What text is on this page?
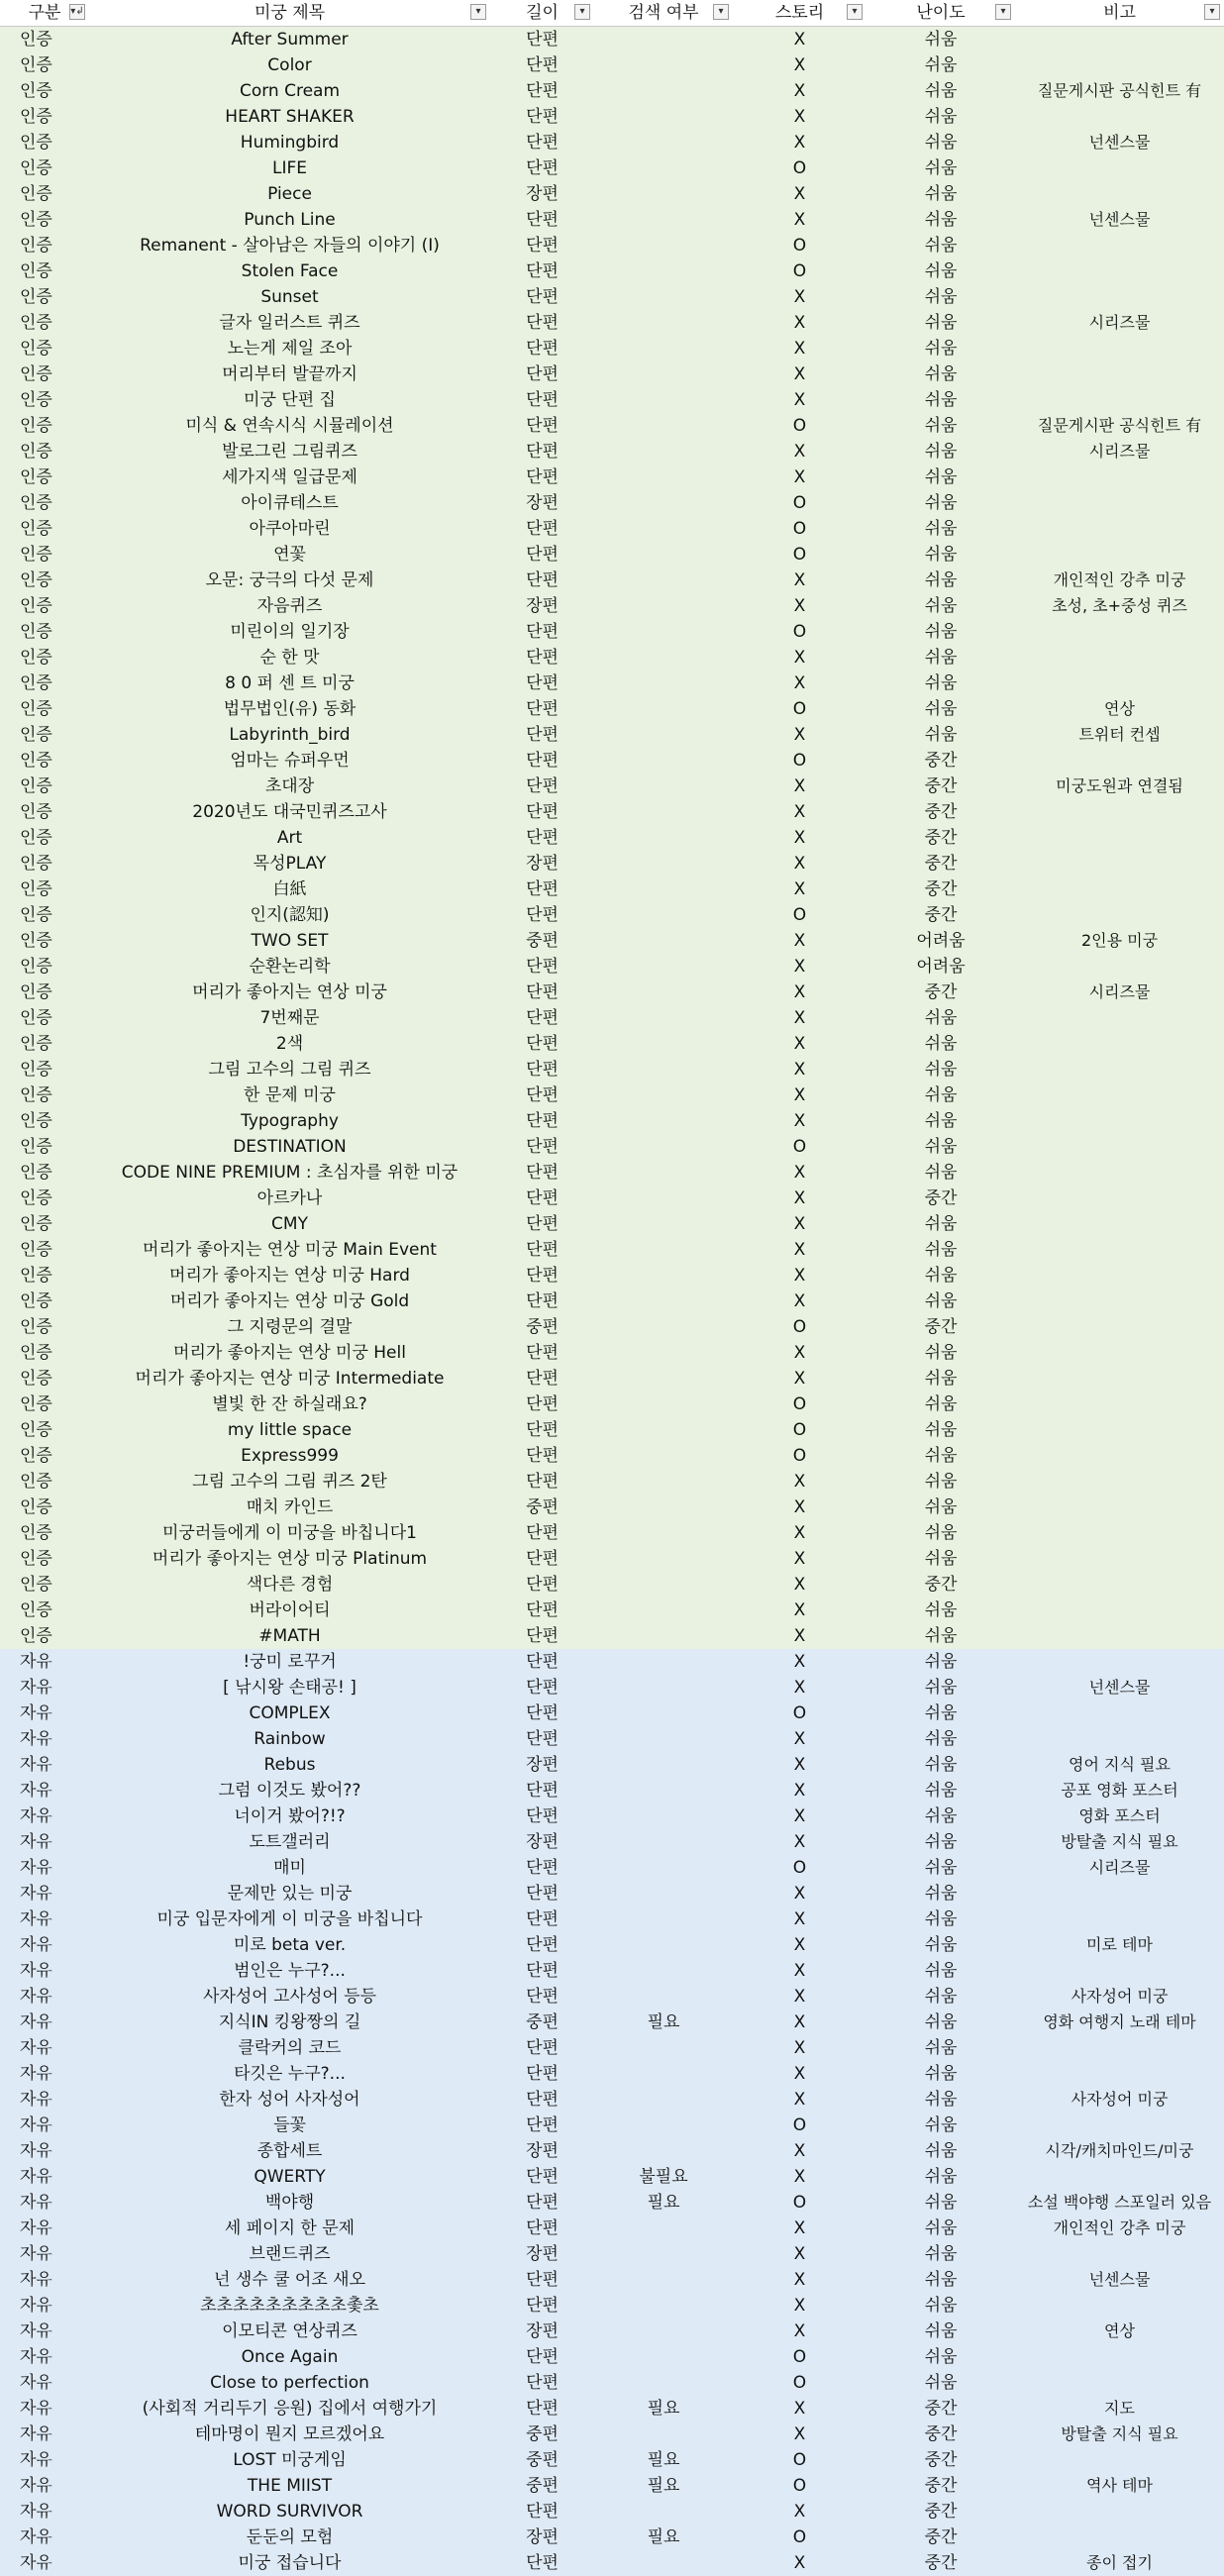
구분 ▾↲	미궁 제목 ▾	길이 ▾	검색 여부 ▾	스토리 ▾	난이도 ▾	비고 ▾

인증	After Summer	단편		X	쉬움	
인증	Color	단편		X	쉬움	
인증	Corn Cream	단편		X	쉬움	질문게시판 공식힌트 有
인증	HEART SHAKER	단편		X	쉬움	
인증	Humingbird	단편		X	쉬움	넌센스물
인증	LIFE	단편		O	쉬움	
인증	Piece	장편		X	쉬움	
인증	Punch Line	단편		X	쉬움	넌센스물
인증	Remanent - 살아남은 자들의 이야기 (I)	단편		O	쉬움	
인증	Stolen Face	단편		O	쉬움	
인증	Sunset	단편		X	쉬움	
인증	글자 일러스트 퀴즈	단편		X	쉬움	시리즈물
인증	노는게 제일 조아	단편		X	쉬움	
인증	머리부터 발끝까지	단편		X	쉬움	
인증	미궁 단편 집	단편		X	쉬움	
인증	미식 & 연속시식 시뮬레이션	단편		O	쉬움	질문게시판 공식힌트 有
인증	발로그린 그림퀴즈	단편		X	쉬움	시리즈물
인증	세가지색 일급문제	단편		X	쉬움	
인증	아이큐테스트	장편		O	쉬움	
인증	아쿠아마린	단편		O	쉬움	
인증	연꽃	단편		O	쉬움	
인증	오문: 궁극의 다섯 문제	단편		X	쉬움	개인적인 강추 미궁
인증	자음퀴즈	장편		X	쉬움	초성, 초+중성 퀴즈
인증	미린이의 일기장	단편		O	쉬움	
인증	순 한 맛	단편		X	쉬움	
인증	8 0 퍼 센 트 미궁	단편		X	쉬움	
인증	법무법인(유) 동화	단편		O	쉬움	연상
인증	Labyrinth_bird	단편		X	쉬움	트위터 컨셉
인증	엄마는 슈퍼우먼	단편		O	중간	
인증	초대장	단편		X	중간	미궁도원과 연결됨
인증	2020년도 대국민퀴즈고사	단편		X	중간	
인증	Art	단편		X	중간	
인증	목성PLAY	장편		X	중간	
인증	白紙	단편		X	중간	
인증	인지(認知)	단편		O	중간	
인증	TWO SET	중편		X	어려움	2인용 미궁
인증	순환논리학	단편		X	어려움	
인증	머리가 좋아지는 연상 미궁	단편		X	중간	시리즈물
인증	7번째문	단편		X	쉬움	
인증	2색	단편		X	쉬움	
인증	그림 고수의 그림 퀴즈	단편		X	쉬움	
인증	한 문제 미궁	단편		X	쉬움	
인증	Typography	단편		X	쉬움	
인증	DESTINATION	단편		O	쉬움	
인증	CODE NINE PREMIUM : 초심자를 위한 미궁	단편		X	쉬움	
인증	아르카나	단편		X	중간	
인증	CMY	단편		X	쉬움	
인증	머리가 좋아지는 연상 미궁 Main Event	단편		X	쉬움	
인증	머리가 좋아지는 연상 미궁 Hard	단편		X	쉬움	
인증	머리가 좋아지는 연상 미궁 Gold	단편		X	쉬움	
인증	그 지령문의 결말	중편		O	중간	
인증	머리가 좋아지는 연상 미궁 Hell	단편		X	쉬움	
인증	머리가 좋아지는 연상 미궁 Intermediate	단편		X	쉬움	
인증	별빛 한 잔 하실래요?	단편		O	쉬움	
인증	my little space	단편		O	쉬움	
인증	Express999	단편		O	쉬움	
인증	그림 고수의 그림 퀴즈 2탄	단편		X	쉬움	
인증	매치 카인드	중편		X	쉬움	
인증	미궁러들에게 이 미궁을 바칩니다1	단편		X	쉬움	
인증	머리가 좋아지는 연상 미궁 Platinum	단편		X	쉬움	
인증	색다른 경험	단편		X	중간	
인증	버라이어티	단편		X	쉬움	
인증	#MATH	단편		X	쉬움	
자유	!궁미 로꾸거	단편		X	쉬움	
자유	[ 낚시왕 손태공! ]	단편		X	쉬움	넌센스물
자유	COMPLEX	단편		O	쉬움	
자유	Rainbow	단편		X	쉬움	
자유	Rebus	장편		X	쉬움	영어 지식 필요
자유	그럼 이것도 봤어??	단편		X	쉬움	공포 영화 포스터
자유	너이거 봤어?!?	단편		X	쉬움	영화 포스터
자유	도트갤러리	장편		X	쉬움	방탈출 지식 필요
자유	매미	단편		O	쉬움	시리즈물
자유	문제만 있는 미궁	단편		X	쉬움	
자유	미궁 입문자에게 이 미궁을 바칩니다	단편		X	쉬움	
자유	미로 beta ver.	단편		X	쉬움	미로 테마
자유	범인은 누구?...	단편		X	쉬움	
자유	사자성어 고사성어 등등	단편		X	쉬움	사자성어 미궁
자유	지식IN 킹왕짱의 길	중편	필요	X	쉬움	영화 여행지 노래 테마
자유	클락커의 코드	단편		X	쉬움	
자유	타깃은 누구?...	단편		X	쉬움	
자유	한자 성어 사자성어	단편		X	쉬움	사자성어 미궁
자유	들꽃	단편		O	쉬움	
자유	종합세트	장편		X	쉬움	시각/캐치마인드/미궁
자유	QWERTY	단편	불필요	X	쉬움	
자유	백야행	단편	필요	O	쉬움	소설 백야행 스포일러 있음
자유	세 페이지 한 문제	단편		X	쉬움	개인적인 강추 미궁
자유	브랜드퀴즈	장편		X	쉬움	
자유	넌 생수 쿨 어조 새오	단편		X	쉬움	넌센스물
자유	초초초초초초초초초촟초	단편		X	쉬움	
자유	이모티콘 연상퀴즈	장편		X	쉬움	연상
자유	Once Again	단편		O	쉬움	
자유	Close to perfection	단편		O	쉬움	
자유	(사회적 거리두기 응원) 집에서 여행가기	단편	필요	X	중간	지도
자유	테마명이 뭔지 모르겠어요	중편		X	중간	방탈출 지식 필요
자유	LOST 미궁게임	중편	필요	O	중간	
자유	THE MIIST	중편	필요	O	중간	역사 테마
자유	WORD SURVIVOR	단편		X	중간	
자유	둔둔의 모험	장편	필요	O	중간	
자유	미궁 접습니다	단편		X	중간	종이 접기
